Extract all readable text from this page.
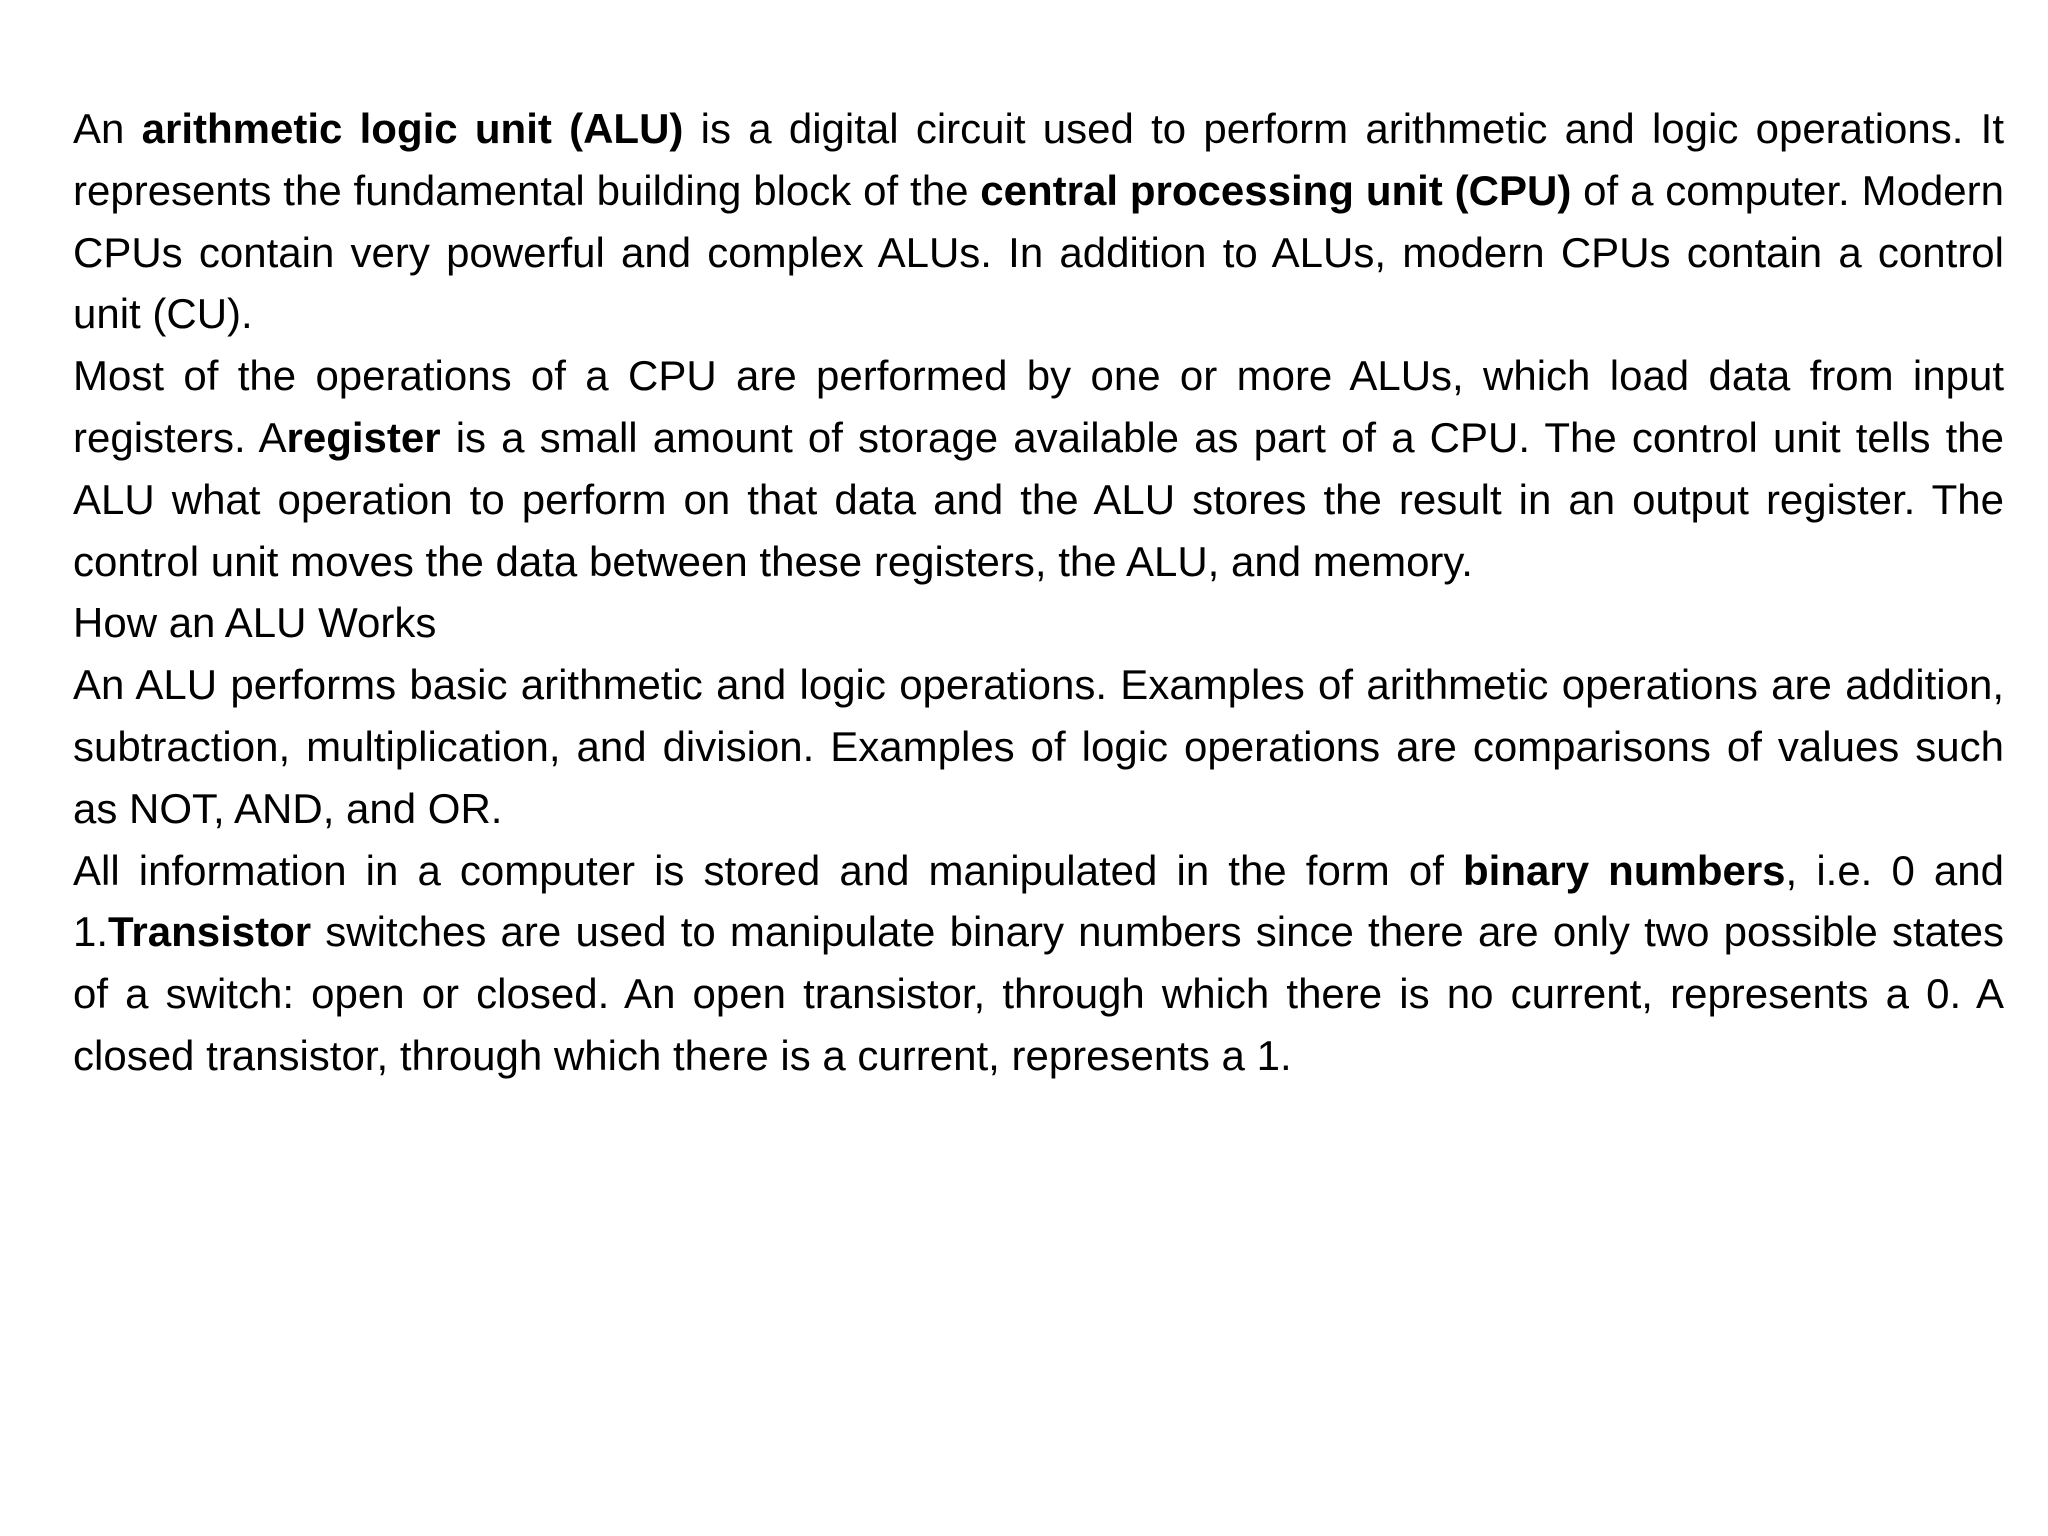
An arithmetic logic unit (ALU) is a digital circuit used to perform arithmetic and logic operations. It represents the fundamental building block of the central processing unit (CPU) of a computer. Modern CPUs contain very powerful and complex ALUs. In addition to ALUs, modern CPUs contain a control unit (CU).

Most of the operations of a CPU are performed by one or more ALUs, which load data from input registers. Aregister is a small amount of storage available as part of a CPU. The control unit tells the ALU what operation to perform on that data and the ALU stores the result in an output register. The control unit moves the data between these registers, the ALU, and memory.

How an ALU Works

An ALU performs basic arithmetic and logic operations. Examples of arithmetic operations are addition, subtraction, multiplication, and division. Examples of logic operations are comparisons of values such as NOT, AND, and OR.

All information in a computer is stored and manipulated in the form of binary numbers, i.e. 0 and 1.Transistor switches are used to manipulate binary numbers since there are only two possible states of a switch: open or closed. An open transistor, through which there is no current, represents a 0. A closed transistor, through which there is a current, represents a 1.
